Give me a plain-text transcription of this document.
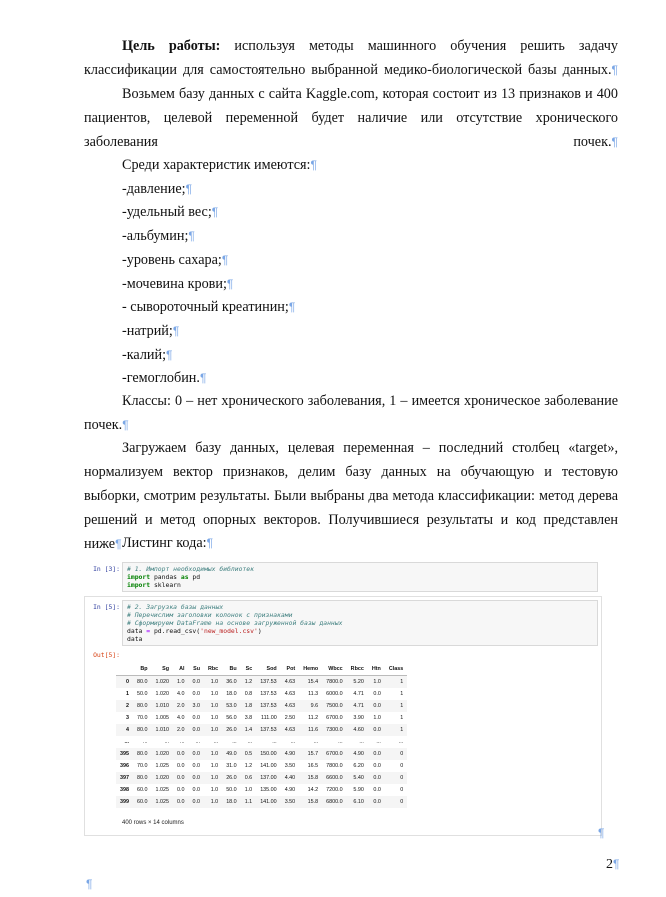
Цель работы: используя методы машинного обучения решить задачу классификации для самостоятельно выбранной медико-биологической базы данных.¶
Возьмем базу данных с сайта Kaggle.com, которая состоит из 13 признаков и 400 пациентов, целевой переменной будет наличие или отсутствие хронического заболевания почек.¶
Среди характеристик имеются:¶
-давление;¶
-удельный вес;¶
-альбумин;¶
-уровень сахара;¶
-мочевина крови;¶
- сывороточный креатинин;¶
-натрий;¶
-калий;¶
-гемоглобин.¶
Классы: 0 – нет хронического заболевания, 1 – имеется хроническое заболевание почек.¶
Загружаем базу данных, целевая переменная – последний столбец «target», нормализуем вектор признаков, делим базу данных на обучающую и тестовую выборки, смотрим результаты. Были выбраны два метода классификации: метод дерева решений и метод опорных векторов. Получившиеся результаты и код представлен ниже¶ Листинг кода:¶
In [3]:	# 1. Импорт необходимых библиотек
import pandas as pd
import sklearn
In [5]:	# 2. Загрузка базы данных
# Перечислим заголовки колонок с признаками
# Сформируем DataFrame на основе загруженной базы данных
data = pd.read_csv('new_model.csv')
data
Out[5]:
	Bp	Sg	Al	Su	Rbc	Bu	Sc	Sod	Pot	Hemo	Wbcc	Rbcc	Htn	Class
0	80.0	1.020	1.0	0.0	1.0	36.0	1.2	137.53	4.63	15.4	7800.0	5.20	1.0	1
1	50.0	1.020	4.0	0.0	1.0	18.0	0.8	137.53	4.63	11.3	6000.0	4.71	0.0	1
2	80.0	1.010	2.0	3.0	1.0	53.0	1.8	137.53	4.63	9.6	7500.0	4.71	0.0	1
3	70.0	1.005	4.0	0.0	1.0	56.0	3.8	111.00	2.50	11.2	6700.0	3.90	1.0	1
4	80.0	1.010	2.0	0.0	1.0	26.0	1.4	137.53	4.63	11.6	7300.0	4.60	0.0	1
...	...	...	...	...	...	...	...	...	...	...	...	...	...	...
395	80.0	1.020	0.0	0.0	1.0	49.0	0.5	150.00	4.90	15.7	6700.0	4.90	0.0	0
396	70.0	1.025	0.0	0.0	1.0	31.0	1.2	141.00	3.50	16.5	7800.0	6.20	0.0	0
397	80.0	1.020	0.0	0.0	1.0	26.0	0.6	137.00	4.40	15.8	6600.0	5.40	0.0	0
398	60.0	1.025	0.0	0.0	1.0	50.0	1.0	135.00	4.90	14.2	7200.0	5.90	0.0	0
399	60.0	1.025	0.0	0.0	1.0	18.0	1.1	141.00	3.50	15.8	6800.0	6.10	0.0	0
400 rows × 14 columns
¶
2¶
¶
